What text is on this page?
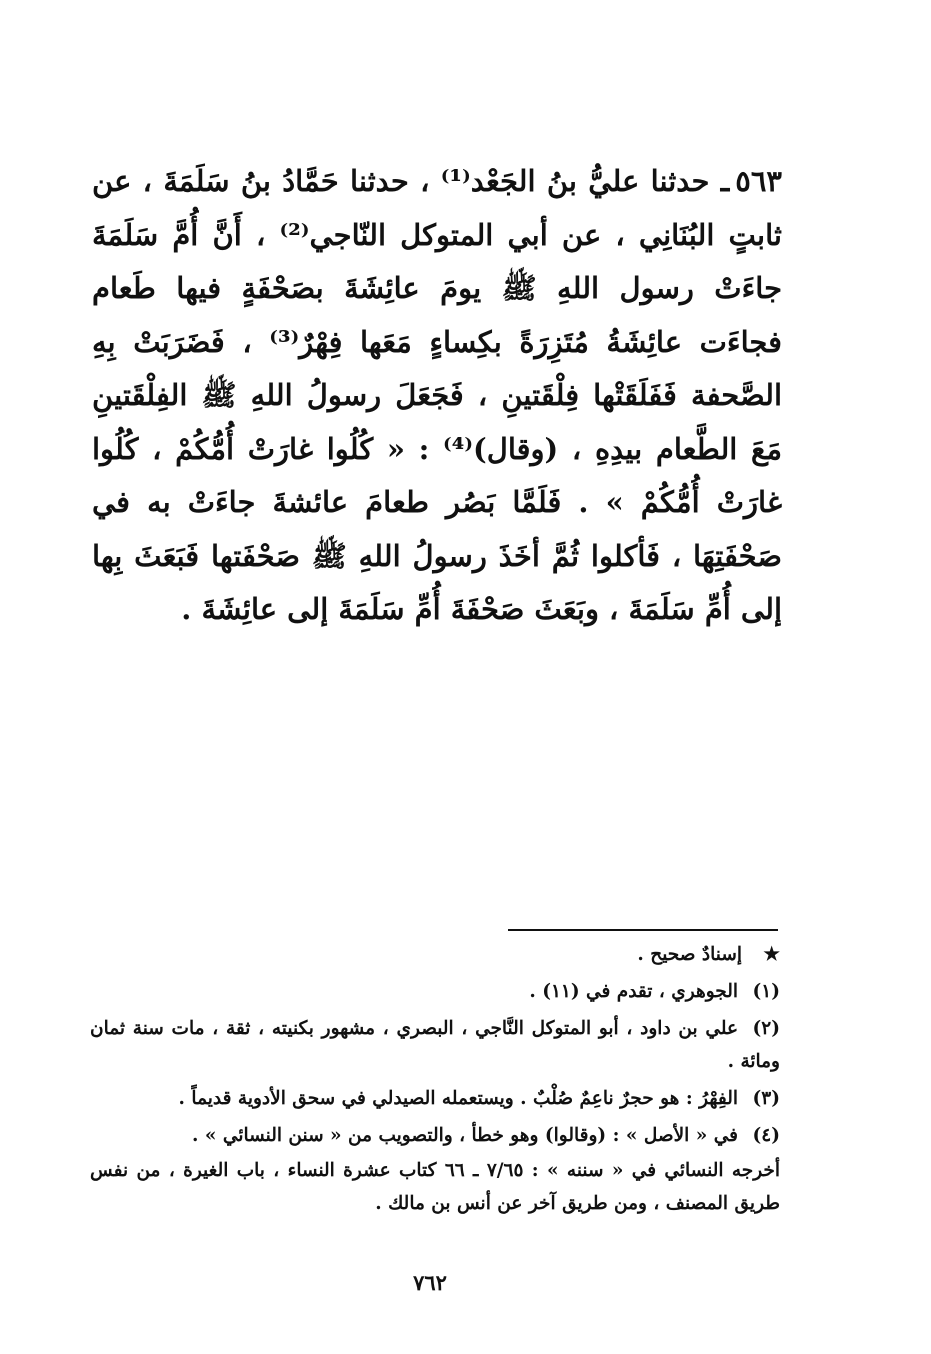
٥٦٣ـ حدثنا عليُّ بنُ الجَعْد⁽¹⁾ ، حدثنا حَمَّادُ بنُ سَلَمَةَ ، عن ثابتٍ البُنَانِي ، عن أبي المتوكل النّاجي⁽²⁾ ، أَنَّ أُمَّ سَلَمَةَ جاءَتْ رسول اللهِ ﷺ يومَ عائِشَةَ بصَحْفَةٍ فيها طَعام فجاءَت عائِشَةُ مُتَزِرَةً بكِساءٍ مَعَها فِهْرٌ⁽³⁾ ، فَضَرَبَتْ بِهِ الصَّحفة فَفَلَقَتْها فِلْقَتينِ ، فَجَعَلَ رسولُ اللهِ ﷺ الفِلْقَتينِ مَعَ الطَّعام بيدِهِ ، (وقال)⁽⁴⁾ : « كُلُوا غارَتْ أُمُّكُمْ ، كُلُوا غارَتْ أُمُّكُمْ » . فَلَمَّا بَصُر طعامَ عائشةَ جاءَتْ به في صَحْفَتِهَا ، فَأكلوا ثُمَّ أخَذَ رسولُ اللهِ ﷺ صَحْفَتها فَبَعَثَ بِها إلى أُمِّ سَلَمَةَ ، وبَعَثَ صَحْفَةَ أُمِّ سَلَمَةَ إلى عائِشَةَ .

★إسنادٌ صحيح .

(١)الجوهري ، تقدم في (١١) .

(٢)علي بن داود ، أبو المتوكل النَّاجي ، البصري ، مشهور بكنيته ، ثقة ، مات سنة ثمان ومائة .

(٣)الفِهْرُ : هو حجرٌ ناعِمٌ صُلْبٌ . ويستعمله الصيدلي في سحق الأدوية قديماً .

(٤)في « الأصل » : (وقالوا) وهو خطأ ، والتصويب من « سنن النسائي » .

أخرجه النسائي في « سننه » : ٧/٦٥ ـ ٦٦ كتاب عشرة النساء ، باب الغيرة ، من نفس طريق المصنف ، ومن طريق آخر عن أنس بن مالك .

٧٦٢
